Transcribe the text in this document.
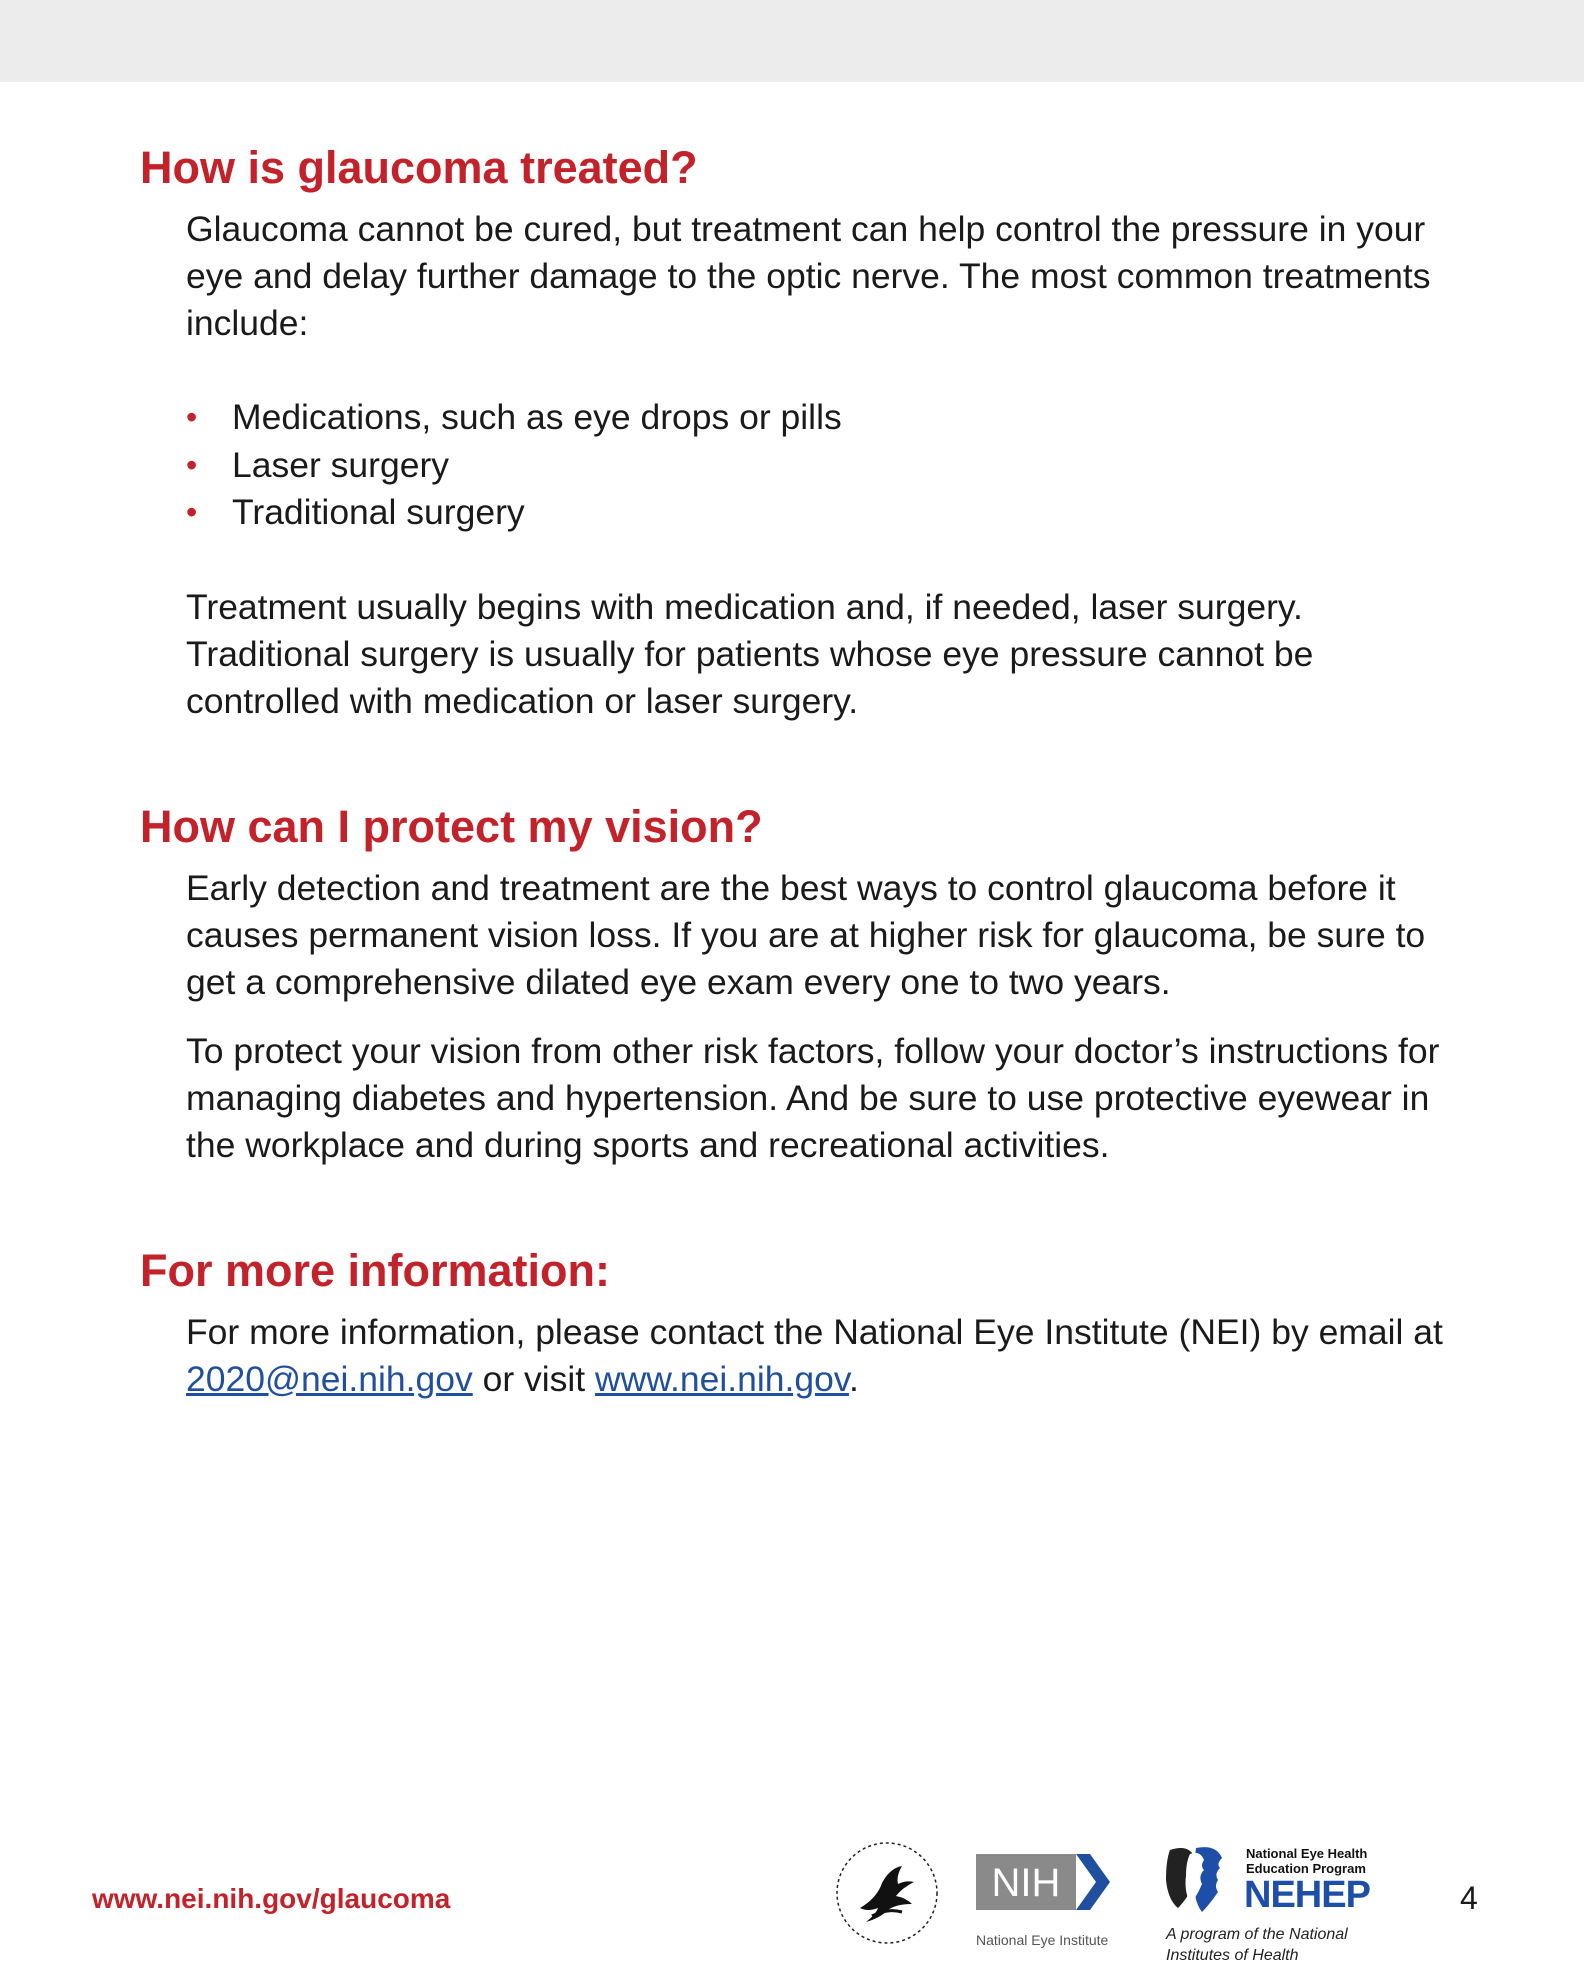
How is glaucoma treated?

Glaucoma cannot be cured, but treatment can help control the pressure in your eye and delay further damage to the optic nerve. The most common treatments include:

• Medications, such as eye drops or pills
• Laser surgery
• Traditional surgery

Treatment usually begins with medication and, if needed, laser surgery. Traditional surgery is usually for patients whose eye pressure cannot be controlled with medication or laser surgery.

How can I protect my vision?

Early detection and treatment are the best ways to control glaucoma before it causes permanent vision loss. If you are at higher risk for glaucoma, be sure to get a comprehensive dilated eye exam every one to two years.

To protect your vision from other risk factors, follow your doctor’s instructions for managing diabetes and hypertension. And be sure to use protective eyewear in the workplace and during sports and recreational activities.

For more information:

For more information, please contact the National Eye Institute (NEI) by email at 2020@nei.nih.gov or visit www.nei.nih.gov.

www.nei.nih.gov/glaucoma	NIH
National Eye Institute
National Eye Health
Education Program
NEHEP
A program of the National
Institutes of Health
4
